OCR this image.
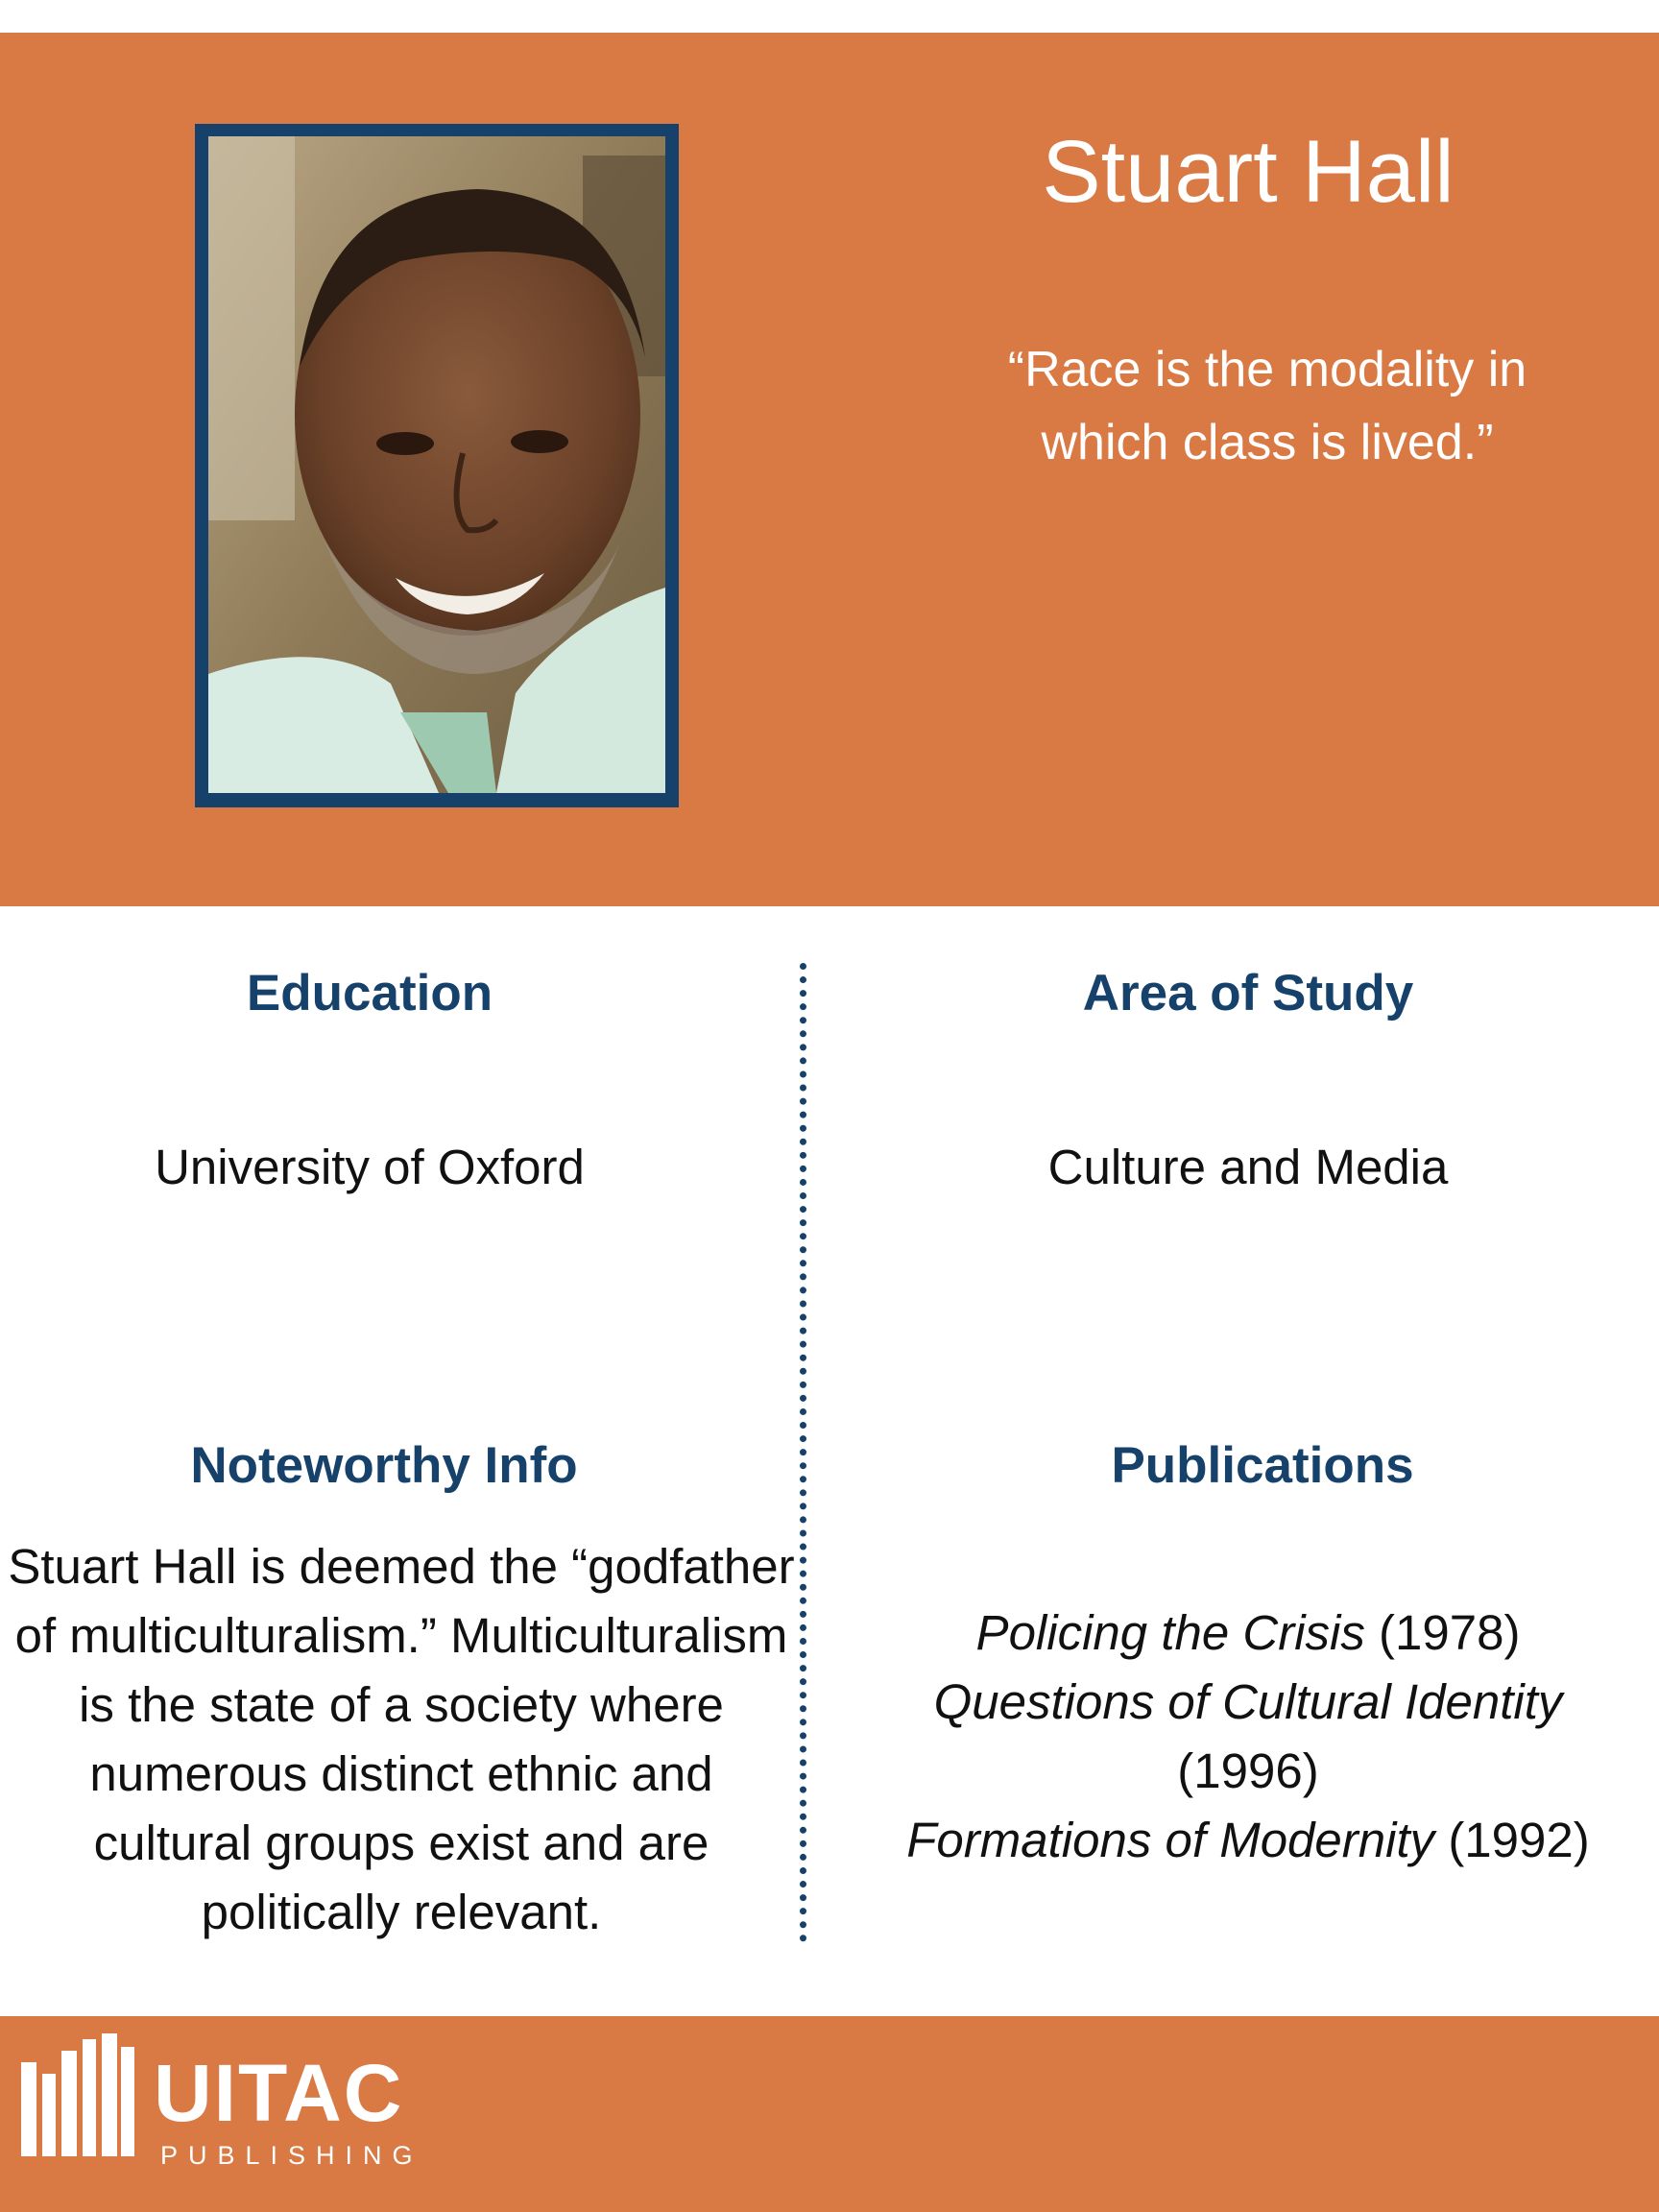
Stuart Hall
“Race is the modality in which class is lived.”
Education
University of Oxford
Area of Study
Culture and Media
Noteworthy Info
Stuart Hall is deemed the “godfather of multiculturalism.” Multiculturalism is the state of a society where numerous distinct ethnic and cultural groups exist and are politically relevant.
Publications
Policing the Crisis (1978)
Questions of Cultural Identity
(1996)
Formations of Modernity (1992)
UITAC
PUBLISHING
